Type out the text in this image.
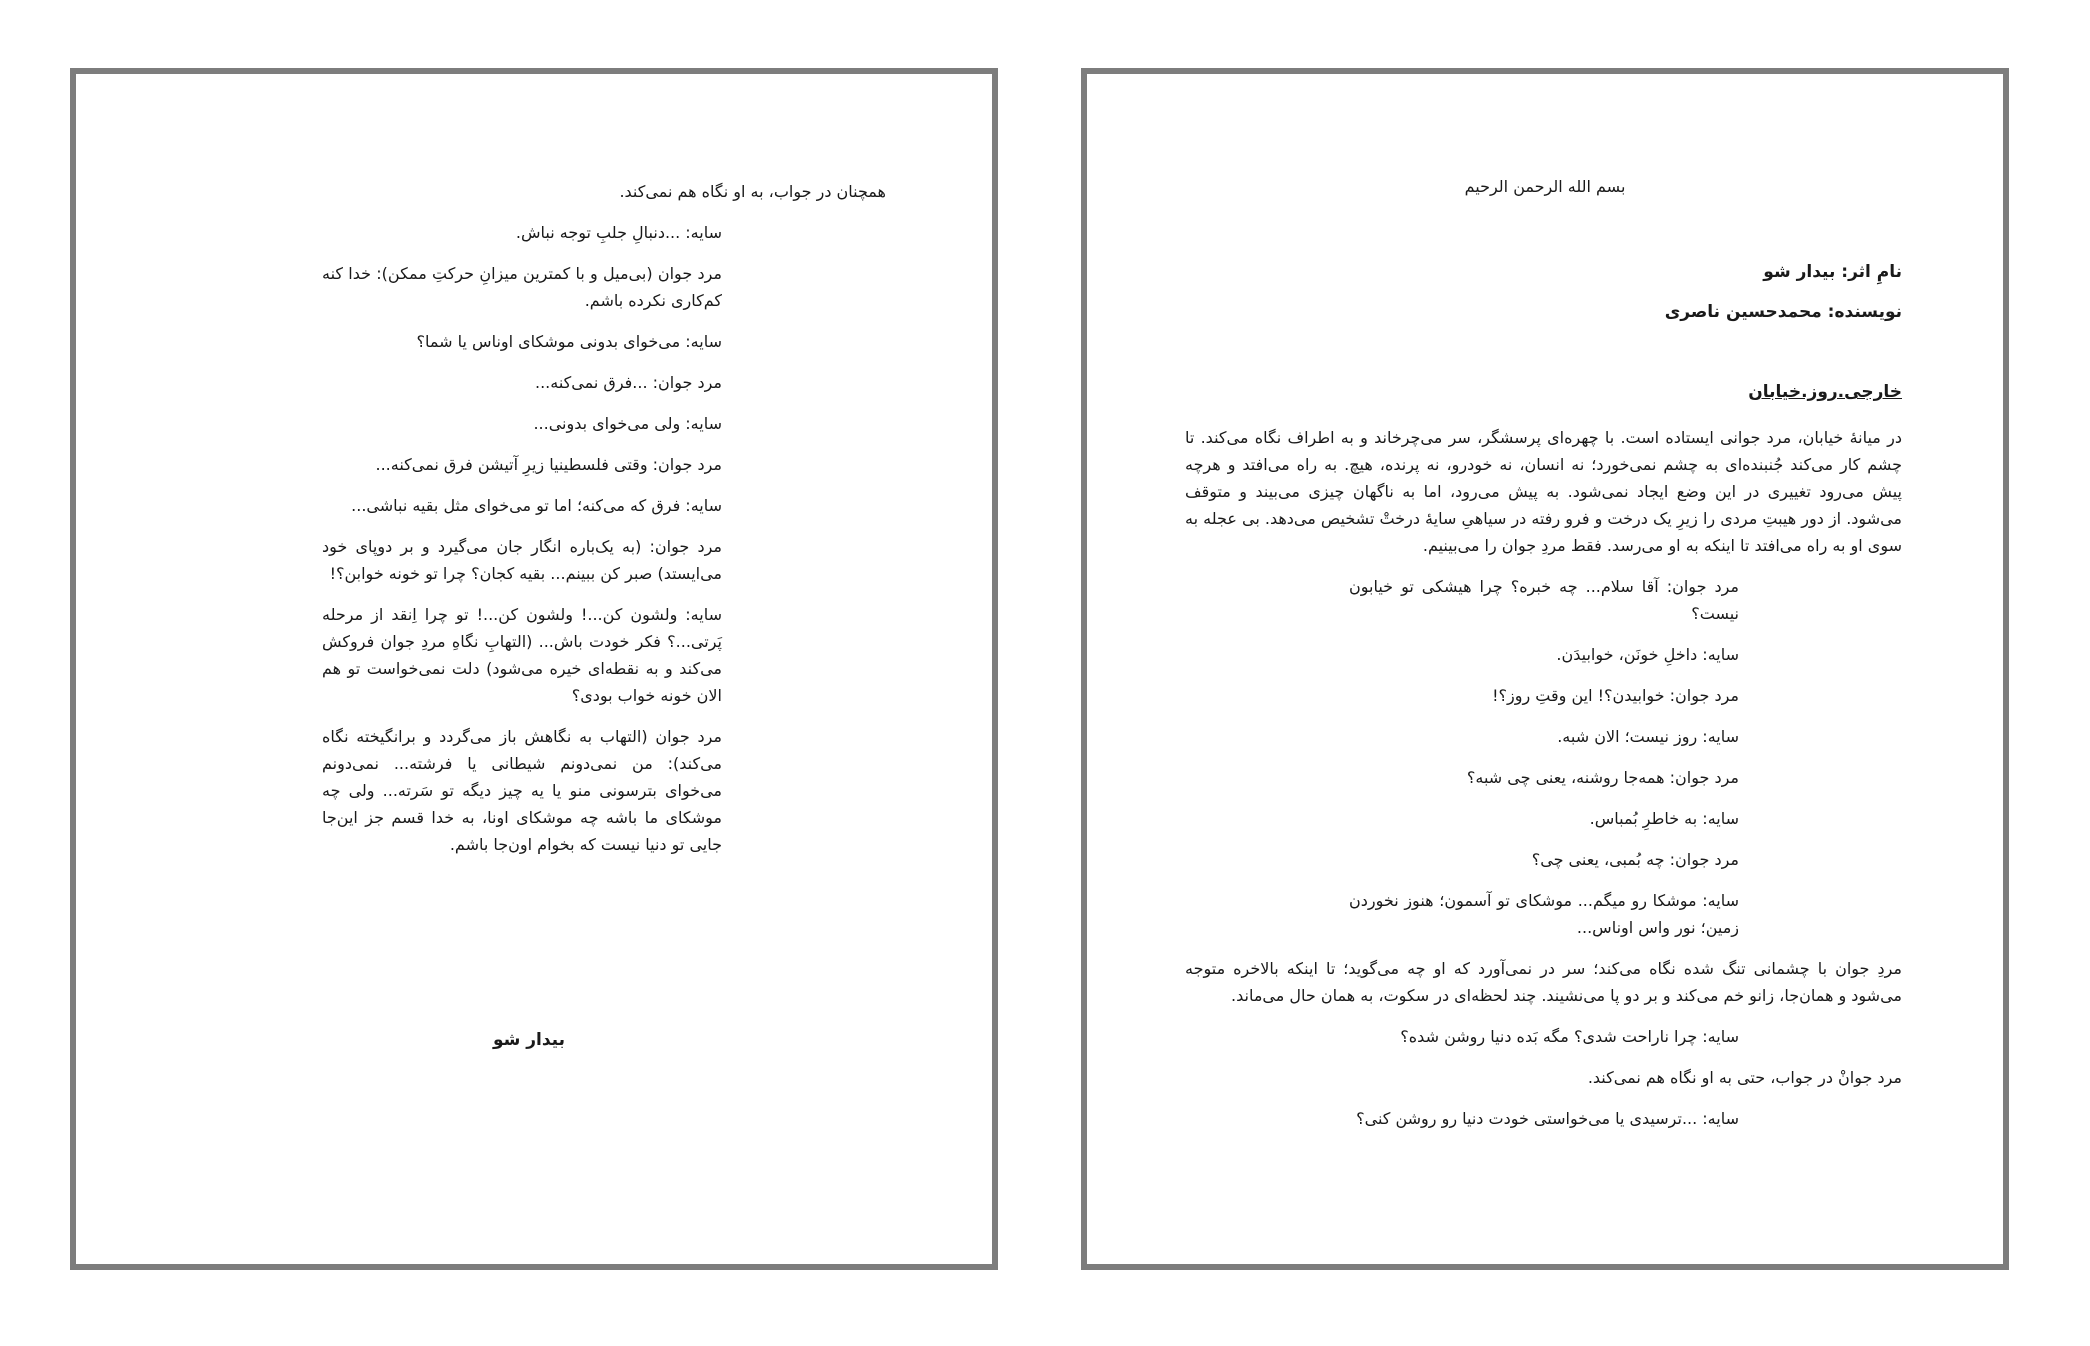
همچنان در جواب، به او نگاه هم نمی‌کند.

سایه: ...دنبالِ جلبِ توجه نباش.

مرد جوان (بی‌میل و با کمترین میزانِ حرکتِ ممکن): خدا کنه کم‌کاری نکرده باشم.

سایه: می‌خوای بدونی موشکای اوناس یا شما؟

مرد جوان: ...فرق نمی‌کنه...

سایه: ولی می‌خوای بدونی...

مرد جوان: وقتی فلسطینیا زیرِ آتیشن فرق نمی‌کنه...

سایه: فرق که می‌کنه؛ اما تو می‌خوای مثل بقیه نباشی...

مرد جوان: (به یک‌باره انگار جان می‌گیرد و بر دوپای خود می‌ایستد) صبر کن ببینم... بقیه کجان؟ چرا تو خونه خوابن؟!

سایه: ولشون کن...! ولشون کن...! تو چرا اِنقد از مرحله پَرتی...؟ فکر خودت باش... (التهابِ نگاهِ مردِ جوان فروکش می‌کند و به نقطه‌ای خیره می‌شود) دلت نمی‌خواست تو هم الان خونه خواب بودی؟

مرد جوان (التهاب به نگاهش باز می‌گردد و برانگیخته نگاه می‌کند): من نمی‌دونم شیطانی یا فرشته... نمی‌دونم می‌خوای بترسونی منو یا یه چیز دیگه تو سَرته... ولی چه موشکای ما باشه چه موشکای اونا، به خدا قسم جز این‌جا جایی تو دنیا نیست که بخوام اون‌جا باشم.

بیدار شو
بسم الله الرحمن الرحیم
نامِ اثر: بیدار شو
نویسنده: محمدحسین ناصری
خارجی.روز.خیابان

در میانهٔ خیابان، مرد جوانی ایستاده است. با چهره‌ای پرسشگر، سر می‌چرخاند و به اطراف نگاه می‌کند. تا چشم کار می‌کند جُنبنده‌ای به چشم نمی‌خورد؛ نه انسان، نه خودرو، نه پرنده، هیچ. به راه می‌افتد و هرچه پیش می‌رود تغییری در این وضع ایجاد نمی‌شود. به پیش می‌رود، اما به ناگهان چیزی می‌بیند و متوقف می‌شود. از دور هیبتِ مردی را زیرِ یک درخت و فرو رفته در سیاهیِ سایهٔ درختْ تشخیص می‌دهد. بی عجله به سوی او به راه می‌افتد تا اینکه به او می‌رسد. فقط مردِ جوان را می‌بینیم.

مرد جوان: آقا سلام... چه خبره؟ چرا هیشکی تو خیابون نیست؟

سایه: داخلِ خونَن، خوابیدَن.

مرد جوان: خوابیدن؟! این وقتِ روز؟!

سایه: روز نیست؛ الان شبه.

مرد جوان: همه‌جا روشنه، یعنی چی شبه؟

سایه: به خاطرِ بُمباس.

مرد جوان: چه بُمبی، یعنی چی؟

سایه: موشکا رو میگم... موشکای تو آسمون؛ هنوز نخوردن زمین؛ نور واس اوناس...

مردِ جوان با چشمانی تنگ شده نگاه می‌کند؛ سر در نمی‌آورد که او چه می‌گوید؛ تا اینکه بالاخره متوجه می‌شود و همان‌جا، زانو خم می‌کند و بر دو پا می‌نشیند. چند لحظه‌ای در سکوت، به همان حال می‌ماند.

سایه: چرا ناراحت شدی؟ مگه بَده دنیا روشن شده؟

مرد جوانْ در جواب، حتی به او نگاه هم نمی‌کند.

سایه: ...ترسیدی یا می‌خواستی خودت دنیا رو روشن کنی؟
